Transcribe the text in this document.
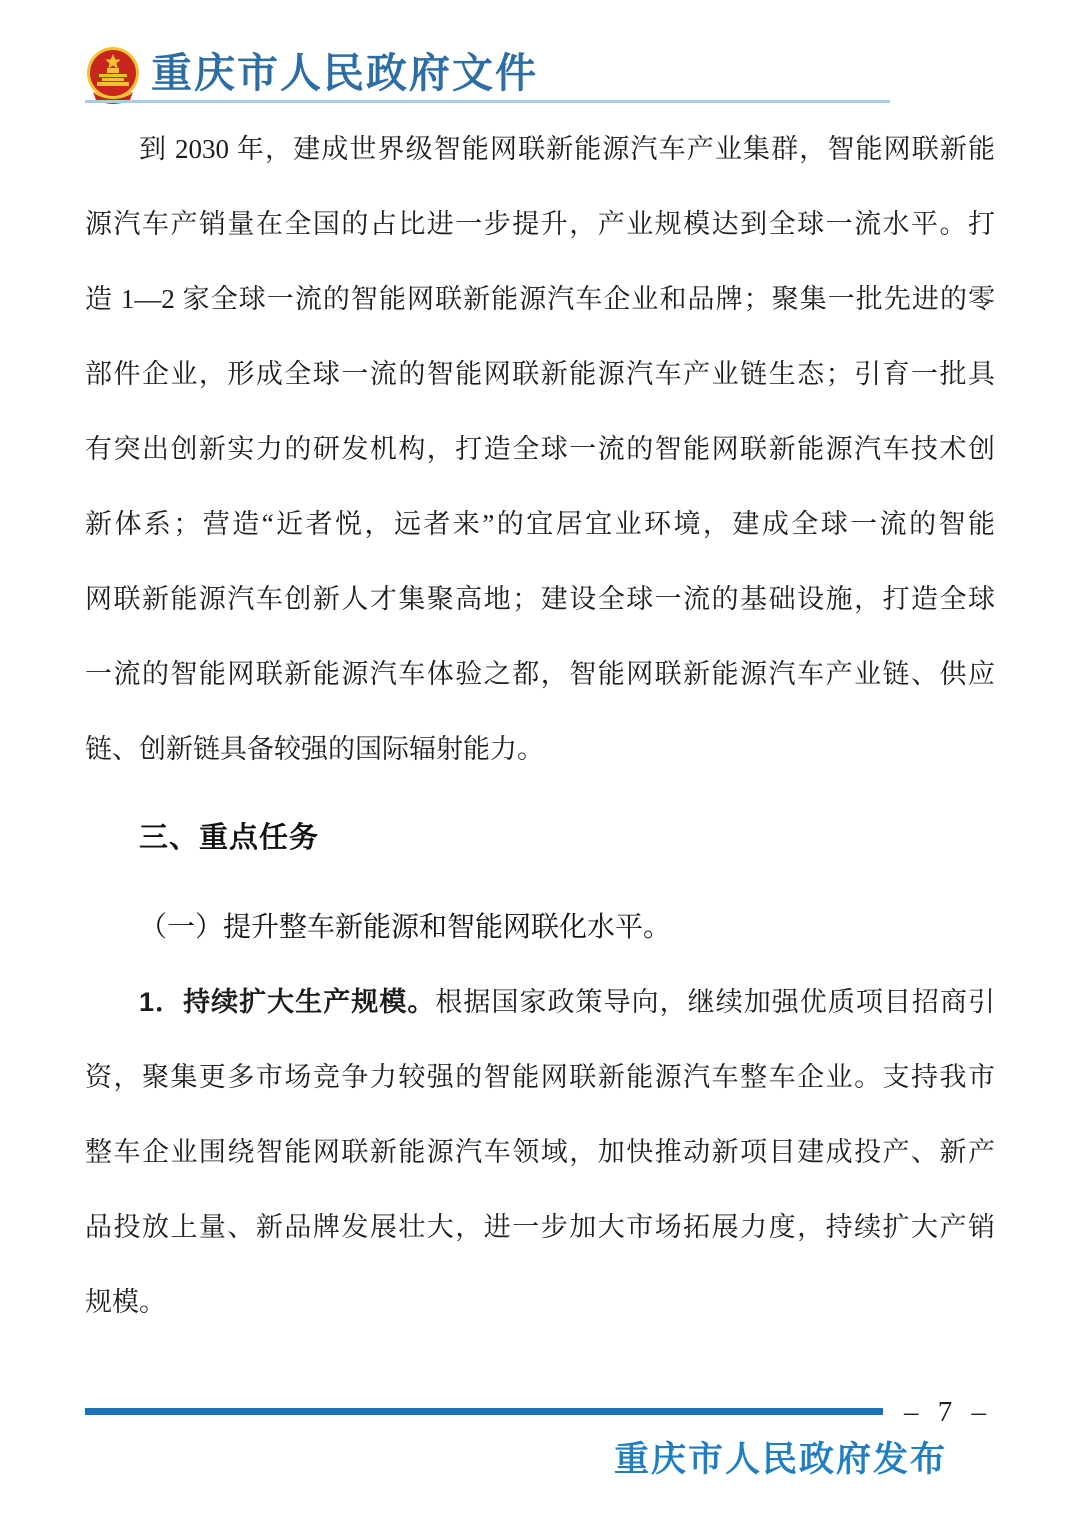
重庆市人民政府文件
到 2030 年，建成世界级智能网联新能源汽车产业集群，智能网联新能
源汽车产销量在全国的占比进一步提升，产业规模达到全球一流水平。打
造 1—2 家全球一流的智能网联新能源汽车企业和品牌；聚集一批先进的零
部件企业，形成全球一流的智能网联新能源汽车产业链生态；引育一批具
有突出创新实力的研发机构，打造全球一流的智能网联新能源汽车技术创
新体系；营造“近者悦，远者来”的宜居宜业环境，建成全球一流的智能
网联新能源汽车创新人才集聚高地；建设全球一流的基础设施，打造全球
一流的智能网联新能源汽车体验之都，智能网联新能源汽车产业链、供应
链、创新链具备较强的国际辐射能力。
三、重点任务
（一）提升整车新能源和智能网联化水平。
1．持续扩大生产规模。根据国家政策导向，继续加强优质项目招商引
资，聚集更多市场竞争力较强的智能网联新能源汽车整车企业。支持我市
整车企业围绕智能网联新能源汽车领域，加快推动新项目建成投产、新产
品投放上量、新品牌发展壮大，进一步加大市场拓展力度，持续扩大产销
规模。
– 7 –
重庆市人民政府发布
